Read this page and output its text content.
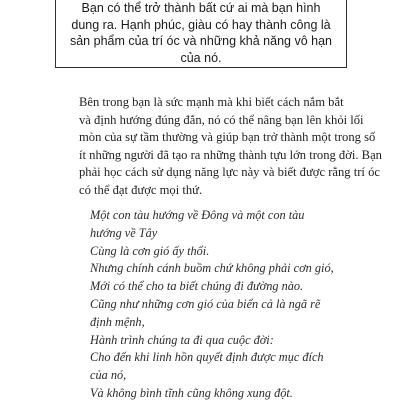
Bạn có thể trở thành bất cứ ai mà bạn hình
dung ra. Hạnh phúc, giàu có hay thành công là
sản phẩm của trí óc và những khả năng vô hạn
của nó.
Bên trong bạn là sức mạnh mà khi biết cách nắm bắt
và định hướng đúng đắn, nó có thể nâng bạn lên khỏi lối
mòn của sự tầm thường và giúp bạn trở thành một trong số
ít những người đã tạo ra những thành tựu lớn trong đời. Bạn
phải học cách sử dụng năng lực này và biết được rằng trí óc
có thể đạt được mọi thứ.
Một con tàu hướng về Đông và một con tàu
hướng về Tây
Cùng là cơn gió ấy thổi.
Nhưng chính cánh buồm chứ không phải cơn gió,
Mới có thể cho ta biết chúng đi đường nào.
Cũng như những cơn gió của biển cả là ngã rẽ
định mệnh,
Hành trình chúng ta đi qua cuộc đời:
Cho đến khi linh hồn quyết định được mục đích
của nó,
Và không bình tĩnh cũng không xung đột.
